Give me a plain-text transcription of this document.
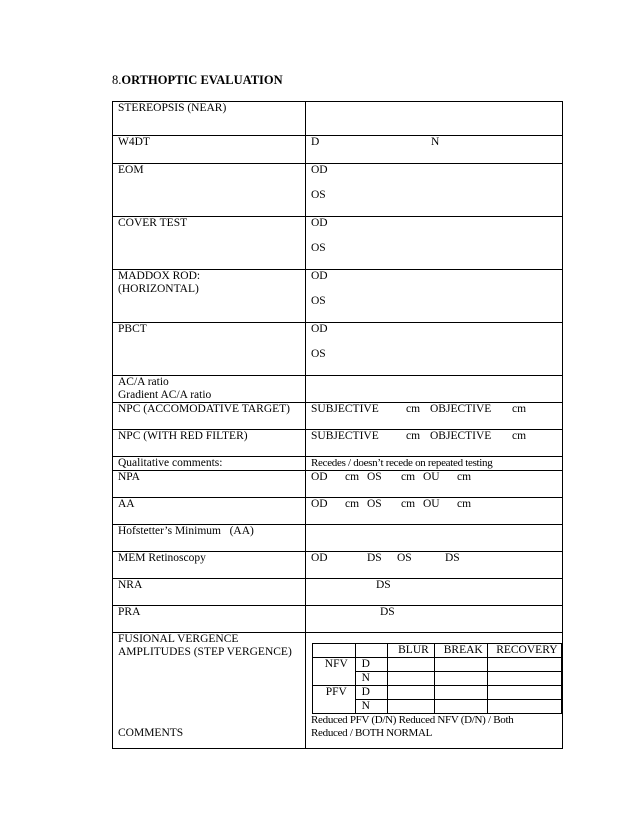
8.ORTHOPTIC EVALUATION
STEREOPSIS (NEAR)	
W4DT	D	N
EOM	OD
OS

COVER TEST	OD
OS

MADDOX ROD:
(HORIZONTAL)
	OD
OS

PBCT	OD
OS

AC/A ratio
Gradient AC/A ratio

NPC (ACCOMODATIVE TARGET)	SUBJECTIVE cm OBJECTIVE cm
NPC (WITH RED FILTER)	SUBJECTIVE cm OBJECTIVE cm
Qualitative comments:	Recedes / doesn’t recede on repeated testing
NPA	OD cm OS cm OU cm
AA	OD cm OS cm OU cm
Hofstetter’s Minimum   (AA)	
MEM Retinoscopy	OD	DS OS	DS
NRA	DS
PRA	DS

FUSIONAL VERGENCE
AMPLITUDES (STEP VERGENCE)
COMMENTS

		BLUR	BREAK	RECOVERY
NFV	D			
	N			
PFV	D			
	N			
Reduced PFV (D/N) Reduced NFV (D/N) / Both
Reduced / BOTH NORMAL
